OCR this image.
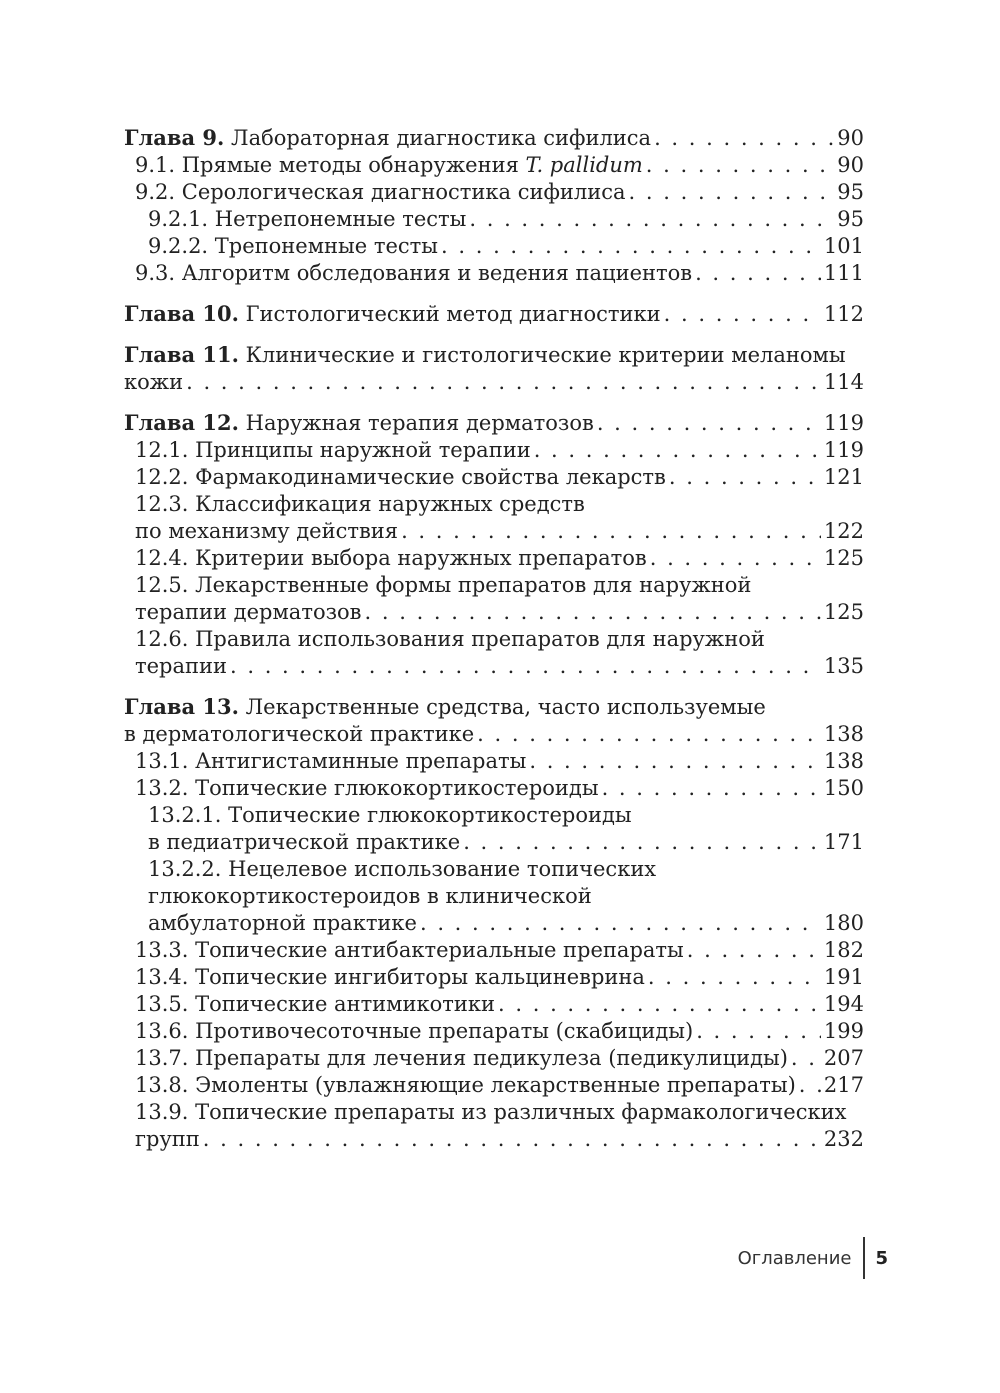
Глава 9. Лабораторная диагностика сифилиса . . .	90
9.1. Прямые методы обнаружения T. pallidum . . .	90
9.2. Серологическая диагностика сифилиса . . .	95
9.2.1. Нетрепонемные тесты . . .	95
9.2.2. Трепонемные тесты . . .	101
9.3. Алгоритм обследования и ведения пациентов . . .	111
Глава 10. Гистологический метод диагностики . . .	112
Глава 11. Клинические и гистологические критерии меланомы
кожи . . .	114
Глава 12. Наружная терапия дерматозов . . .	119
12.1. Принципы наружной терапии . . .	119
12.2. Фармакодинамические свойства лекарств . . .	121
12.3. Классификация наружных средств
по механизму действия . . .	122
12.4. Критерии выбора наружных препаратов . . .	125
12.5. Лекарственные формы препаратов для наружной
терапии дерматозов . . .	125
12.6. Правила использования препаратов для наружной
терапии . . .	135
Глава 13. Лекарственные средства, часто используемые
в дерматологической практике . . .	138
13.1. Антигистаминные препараты . . .	138
13.2. Топические глюкокортикостероиды . . .	150
13.2.1. Топические глюкокортикостероиды
в педиатрической практике . . .	171
13.2.2. Нецелевое использование топических
глюкокортикостероидов в клинической
амбулаторной практике . . .	180
13.3. Топические антибактериальные препараты . . .	182
13.4. Топические ингибиторы кальциневрина . . .	191
13.5. Топические антимикотики . . .	194
13.6. Противочесоточные препараты (скабициды) . . .	199
13.7. Препараты для лечения педикулеза (педикулициды) . . . 207
13.8. Эмоленты (увлажняющие лекарственные препараты) . . . 217
13.9. Топические препараты из различных фармакологических
групп . . .	232
Оглавление	5
